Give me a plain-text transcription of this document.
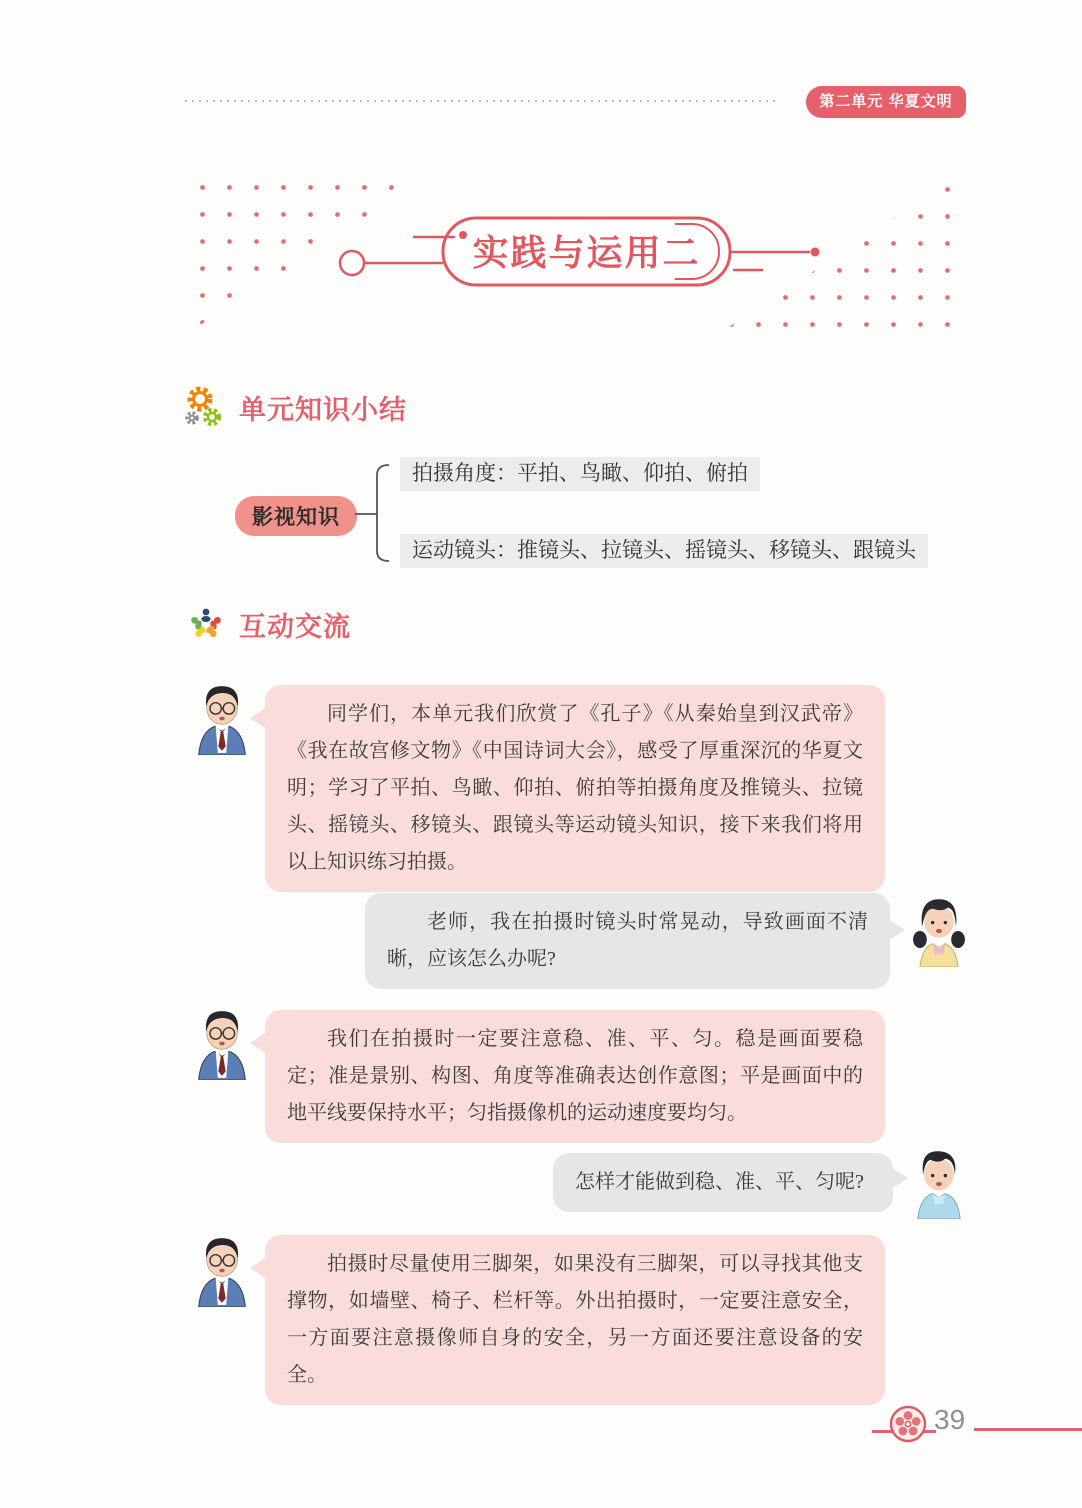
第二单元 华夏文明
实践与运用二
单元知识小结
影视知识
拍摄角度：平拍、鸟瞰、仰拍、俯拍
运动镜头：推镜头、拉镜头、摇镜头、移镜头、跟镜头
互动交流
同学们，本单元我们欣赏了《孔子》《从秦始皇到汉武帝》《我在故宫修文物》《中国诗词大会》，感受了厚重深沉的华夏文明；学习了平拍、鸟瞰、仰拍、俯拍等拍摄角度及推镜头、拉镜头、摇镜头、移镜头、跟镜头等运动镜头知识，接下来我们将用以上知识练习拍摄。
老师，我在拍摄时镜头时常晃动，导致画面不清晰，应该怎么办呢?
我们在拍摄时一定要注意稳、准、平、匀。稳是画面要稳定；准是景别、构图、角度等准确表达创作意图；平是画面中的地平线要保持水平；匀指摄像机的运动速度要均匀。
怎样才能做到稳、准、平、匀呢?
拍摄时尽量使用三脚架，如果没有三脚架，可以寻找其他支撑物，如墙壁、椅子、栏杆等。外出拍摄时，一定要注意安全，一方面要注意摄像师自身的安全，另一方面还要注意设备的安全。
39
